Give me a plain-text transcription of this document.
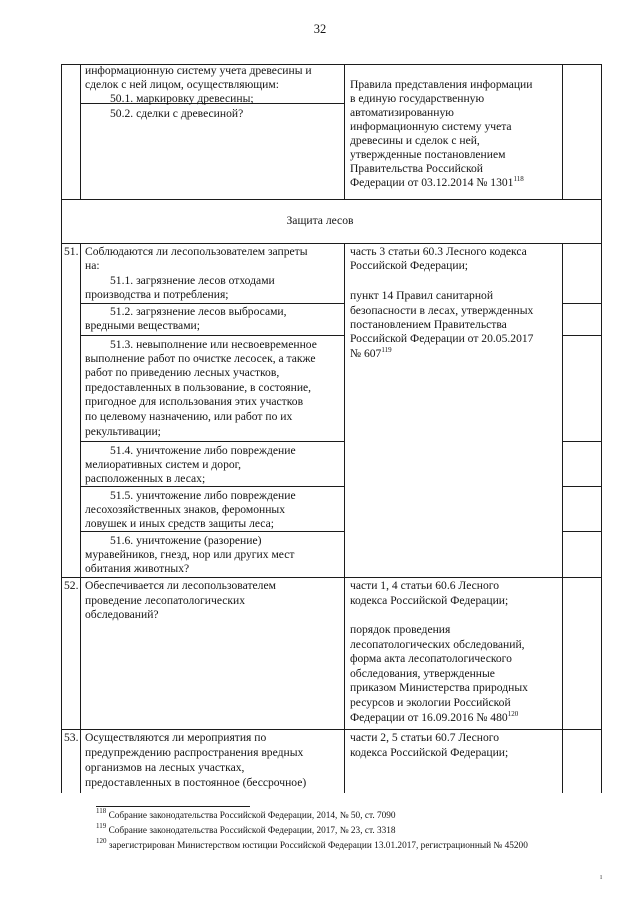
32
информационную систему учета древесины и
сделок с ней лицом, осуществляющим:
50.1. маркировку древесины;
50.2. сделки с древесиной?
Правила представления информации
в единую государственную
автоматизированную
информационную систему учета
древесины и сделок с ней,
утвержденные постановлением
Правительства Российской
Федерации от 03.12.2014 № 1301$^{118}$
Защита лесов
51. Соблюдаются ли лесопользователем запреты
на:
51.1. загрязнение лесов отходами
производства и потребления;
51.2. загрязнение лесов выбросами,
вредными веществами;
51.3. невыполнение или несвоевременное
выполнение работ по очистке лесосек, а также
работ по приведению лесных участков,
предоставленных в пользование, в состояние,
пригодное для использования этих участков
по целевому назначению, или работ по их
рекультивации;
51.4. уничтожение либо повреждение
мелиоративных систем и дорог,
расположенных в лесах;
51.5. уничтожение либо повреждение
лесохозяйственных знаков, феромонных
ловушек и иных средств защиты леса;
51.6. уничтожение (разорение)
муравейников, гнезд, нор или других мест
обитания животных?
часть 3 статьи 60.3 Лесного кодекса
Российской Федерации;
пункт 14 Правил санитарной
безопасности в лесах, утвержденных
постановлением Правительства
Российской Федерации от 20.05.2017
№ $607^{119}$
52. Обеспечивается ли лесопользователем
проведение лесопатологических
обследований?
части 1, 4 статьи 60.6 Лесного
кодекса Российской Федерации;
порядок проведения
лесопатологических обследований,
форма акта лесопатологического
обследования, утвержденные
приказом Министерства природных
ресурсов и экологии Российской
Федерации от 16.09.2016 № $480^{120}$
53. Осуществляются ли мероприятия по
предупреждению распространения вредных
организмов на лесных участках,
предоставленных в постоянное (бессрочное)
части 2, 5 статьи 60.7 Лесного
кодекса Российской Федерации;
$^{118}$ Собрание законодательства Российской Федерации, 2014, № 50, ст. 7090
$^{119}$ Собрание законодательства Российской Федерации, 2017, № 23, ст. 3318
$^{120}$ зарегистрирован Министерством юстиции Российской Федерации 13.01.2017, регистрационный № 45200
ı
